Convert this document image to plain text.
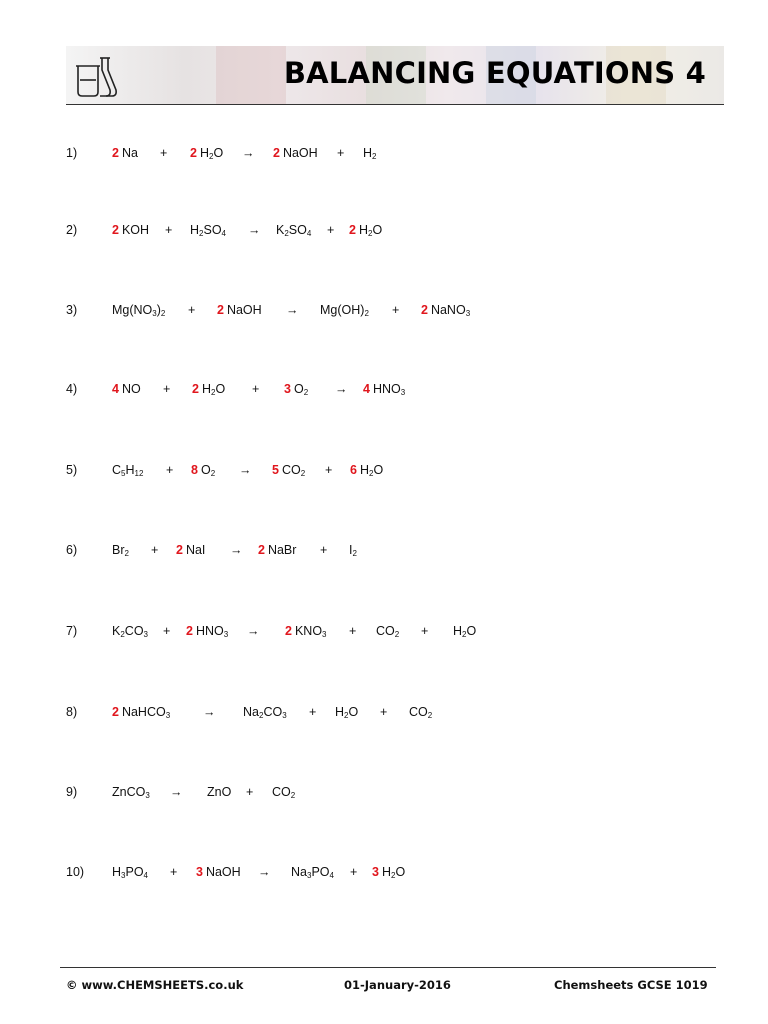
BALANCING EQUATIONS 4
1)	2 Na + 2 $H_2O \to 2$ NaOH + $H_2$
2)	2 KOH + $H_2SO_4 \to K_2SO_4 + 2$ $H_2O$
3)	$Mg(NO_3)_2 + 2$ NaOH → $Mg(OH)_2 + 2$ NaNO$_3$
4)	4 NO + 2 $H_2O + 3$ $O_2 \to 4$ $HNO_3$
5)	$C_5H_{12} + 8$ $O_2 \to 5$ $CO_2 + 6$ $H_2O$
6)	$Br_2 + 2$ NaI → 2 NaBr + $I_2$
7)	$K_2CO_3 + 2$ $HNO_3 \to 2$ $KNO_3 + CO_2 + H_2O$
8)	2 NaHCO$_3$	→ $Na_2CO_3 + H_2O + CO_2$
9)	ZnCO$_3$ → ZnO + $CO_2$
10) $H_3PO_4 + 3$ NaOH → $Na_3PO_4 + 3$ $H_2O$
© www.CHEMSHEETS.co.uk	01-January-2016	Chemsheets GCSE 1019
